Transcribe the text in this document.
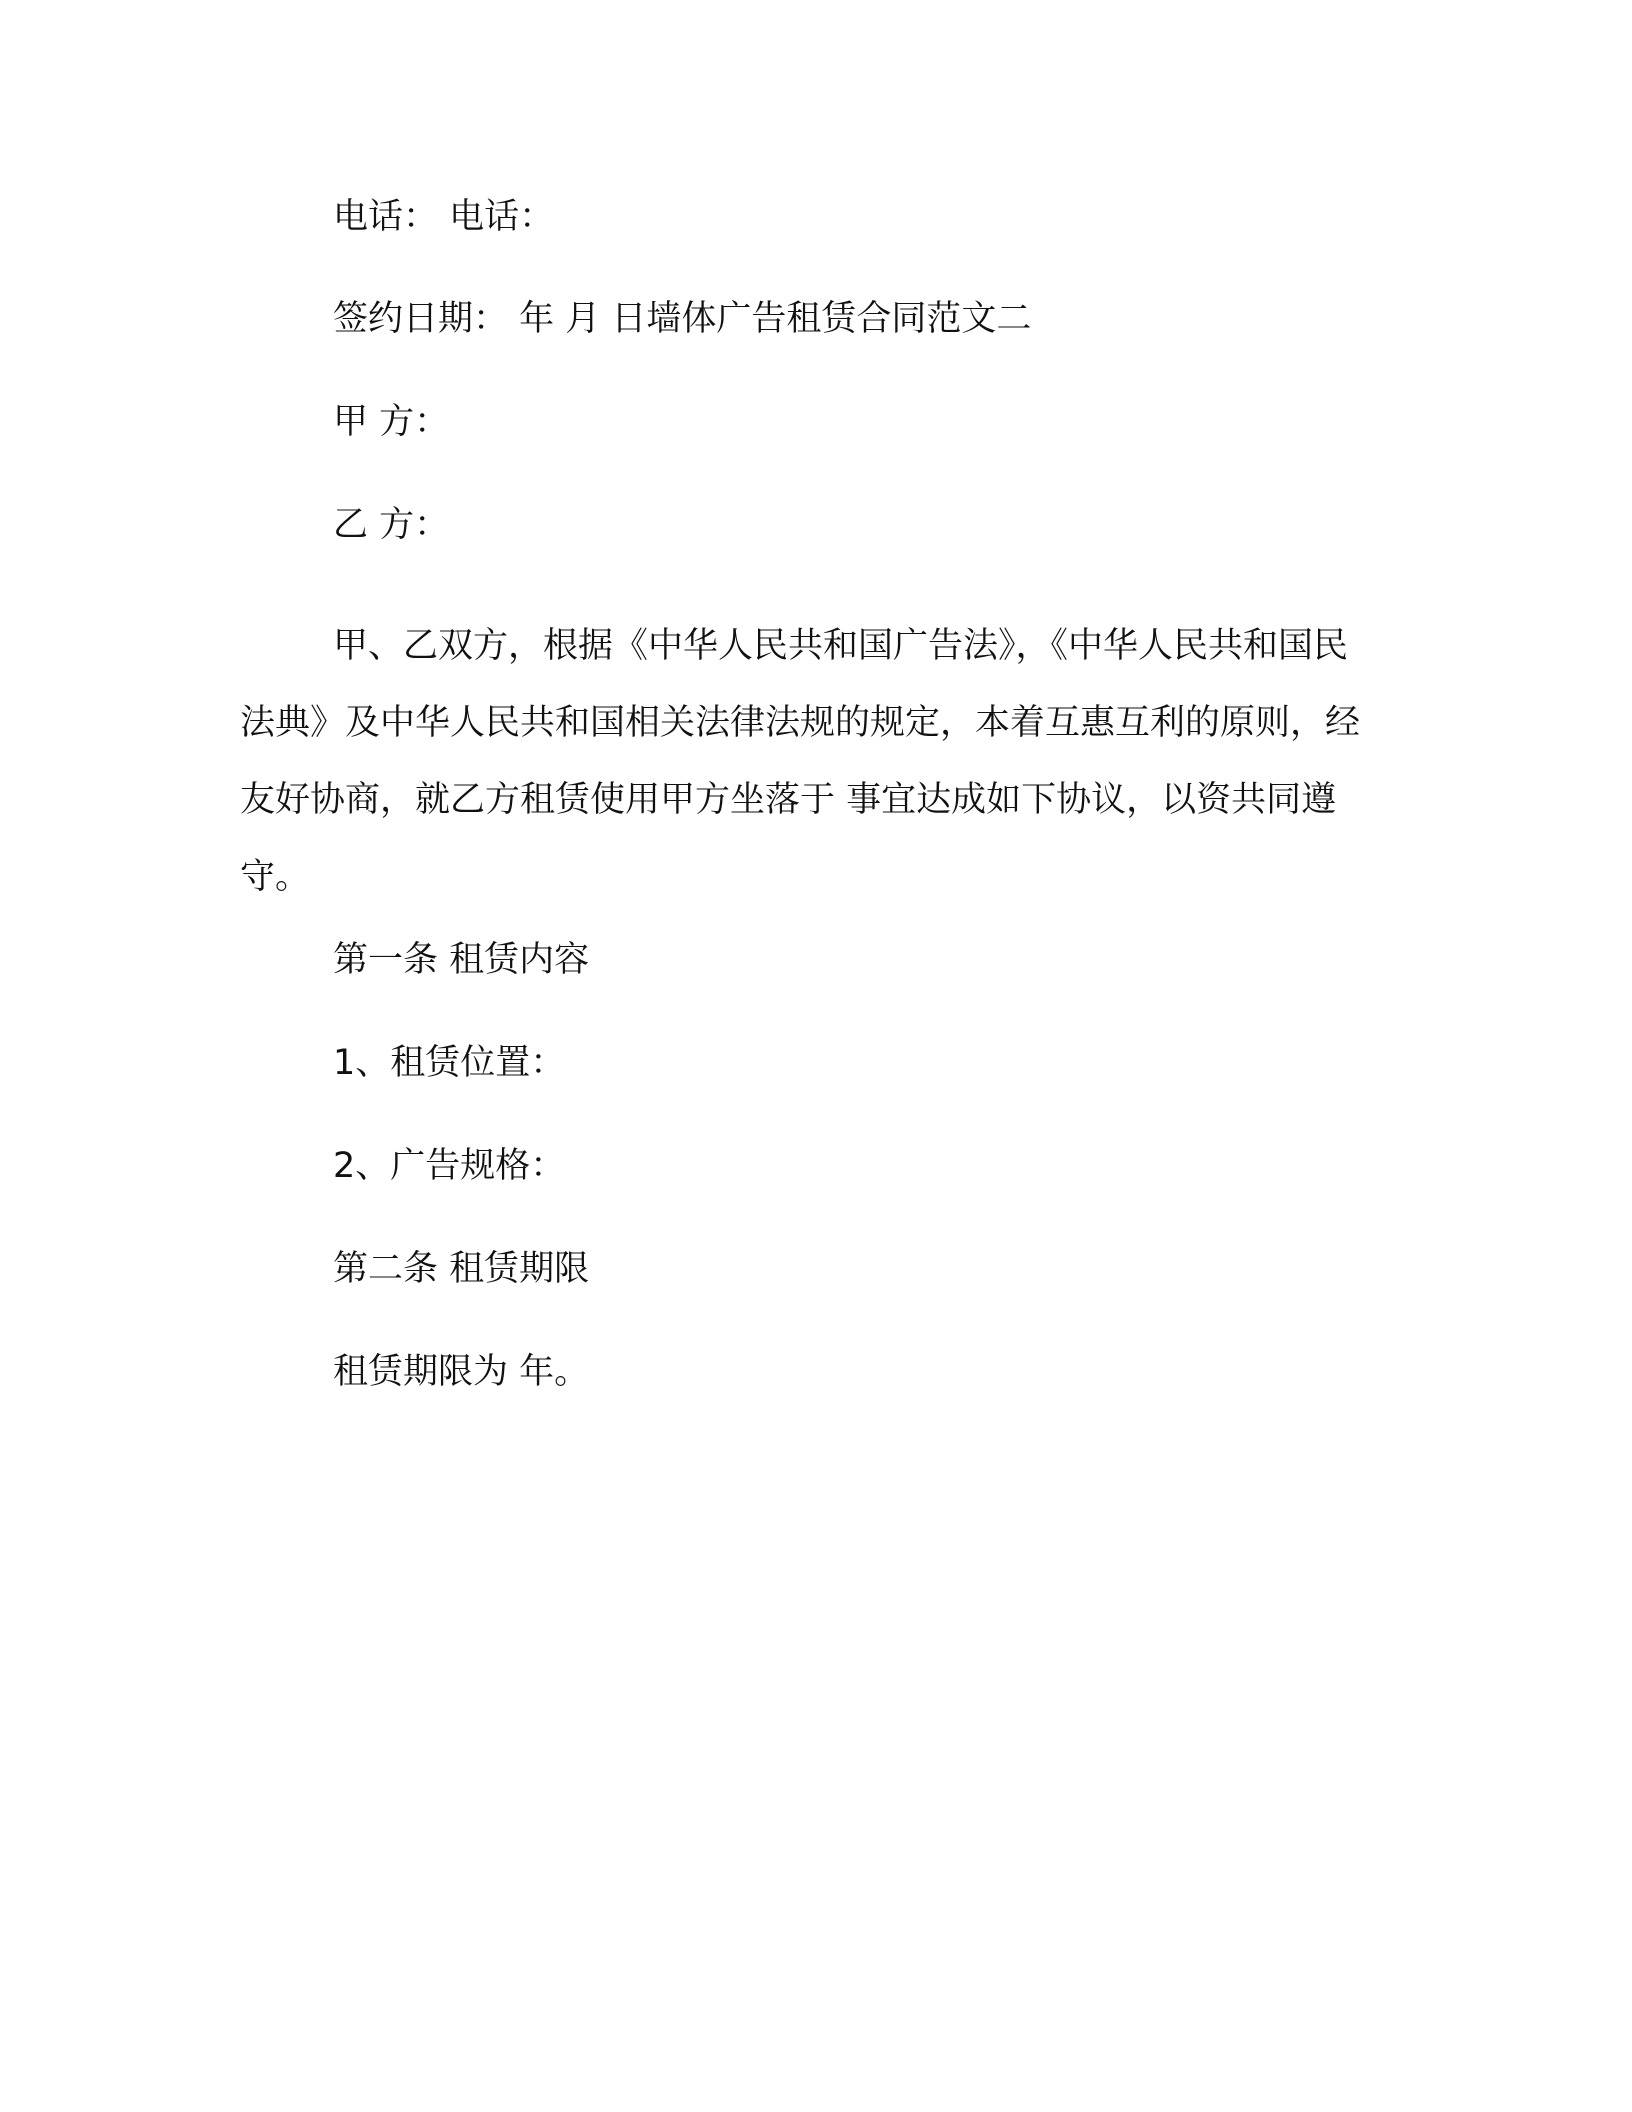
电话： 电话：
签约日期： 年 月 日墙体广告租赁合同范文二
甲 方：
乙 方：
甲、乙双方，根据《中华人民共和国广告法》，《中华人民共和国民法典》及中华人民共和国相关法律法规的规定，本着互惠互利的原则，经友好协商，就乙方租赁使用甲方坐落于 事宜达成如下协议，以资共同遵守。
第一条 租赁内容
1、租赁位置：
2、广告规格：
第二条 租赁期限
租赁期限为 年。
